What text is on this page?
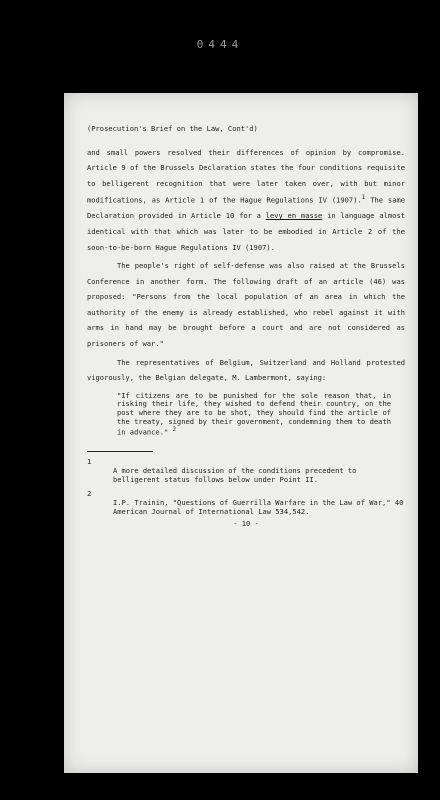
0444

(Prosecution's Brief on the Law, Cont'd)

and small powers resolved their differences of opinion by compromise. Article 9 of the Brussels Declaration states the four conditions requisite to belligerent recognition that were later taken over, with but minor modifications, as Article 1 of the Hague Regulations IV (1907).$^1$ The same Declaration provided in Article 10 for a levy en masse in language almost identical with that which was later to be embodied in Article 2 of the soon-to-be-born Hague Regulations IV (1907).

The people's right of self-defense was also raised at the Brussels Conference in another form. The following draft of an article (46) was proposed: "Persons from the local population of an area in which the authority of the enemy is already established, who rebel against it with arms in hand may be brought before a court and are not considered as prisoners of war."

The representatives of Belgium, Switzerland and Holland protested vigorously, the Belgian delegate, M. Lambermont, saying:

"If citizens are to be punished for the sole reason that, in risking their life, they wished to defend their country, on the post where they are to be shot, they should find the article of the treaty, signed by their government, condemning them to death in advance." $^2$

1
A more detailed discussion of the conditions precedent to belligerent status follows below under Point II.
2
I.P. Trainin, "Questions of Guerrilla Warfare in the Law of War," 40 American Journal of International Law 534,542.

- 10 -
